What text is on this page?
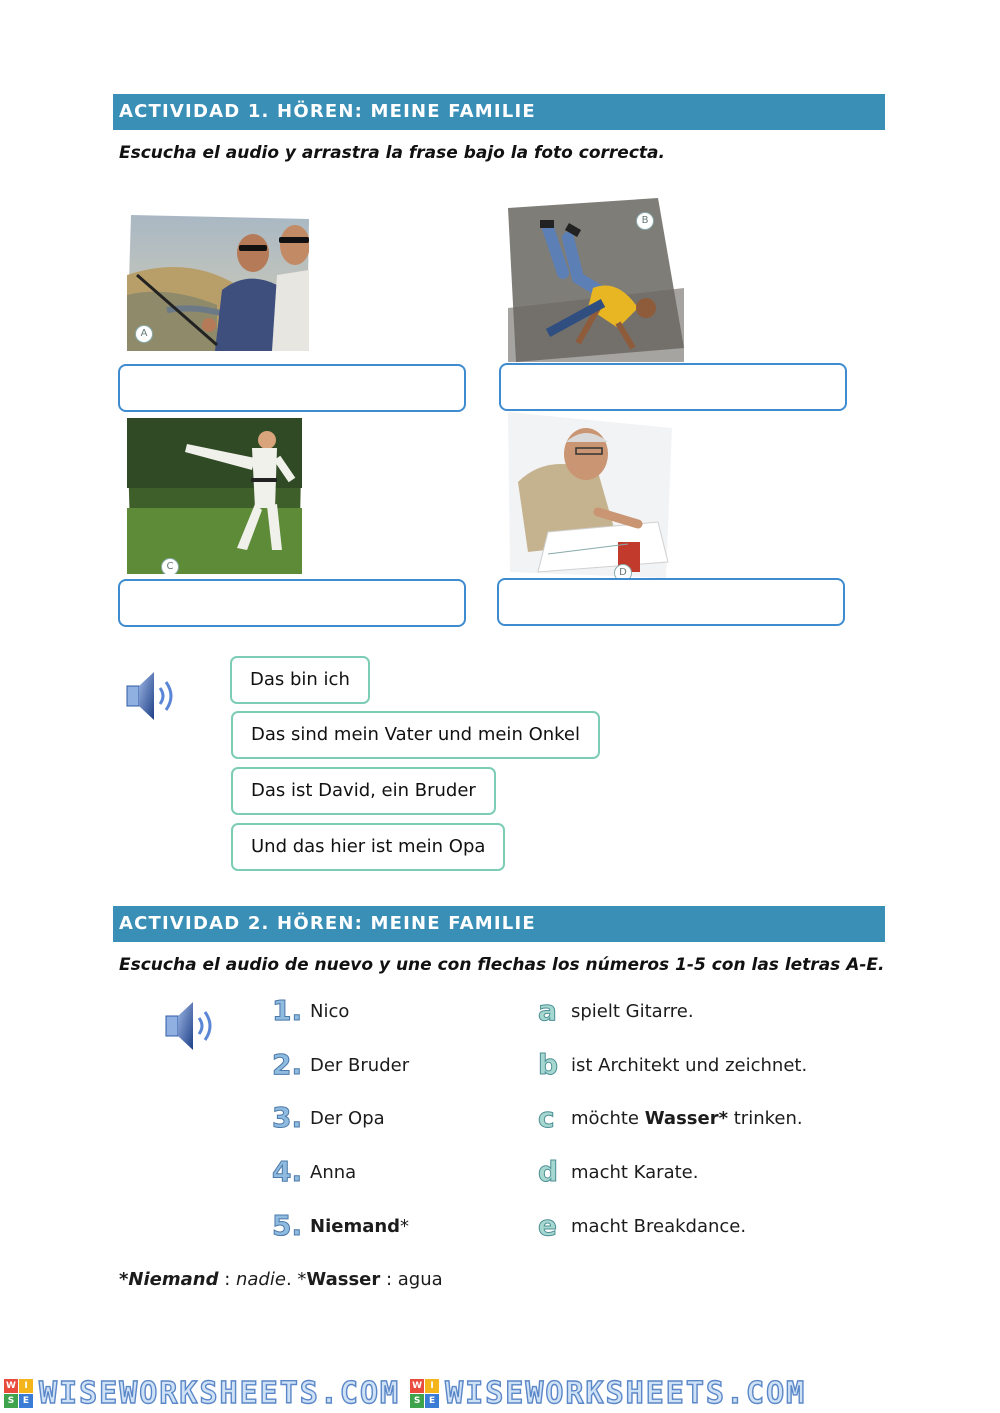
ACTIVIDAD 1. HÖREN: MEINE FAMILIE
Escucha el audio y arrastra la frase bajo la foto correcta.
A
B
C
D
Das bin ich
Das sind mein Vater und mein Onkel
Das ist David, ein Bruder
Und das hier ist mein Opa
ACTIVIDAD 2. HÖREN: MEINE FAMILIE
Escucha el audio de nuevo y une con flechas los números 1-5 con las letras A-E.
1. Nico
2. Der Bruder
3. Der Opa
4. Anna
5. Niemand*
a spielt Gitarre.
b ist Architekt und zeichnet.
c möchte Wasser* trinken.
d macht Karate.
e macht Breakdance.
*Niemand : nadie. *Wasser : agua
W I
S E WISEWORKSHEETS.COM W I
S E WISEWORKSHEETS.COM
